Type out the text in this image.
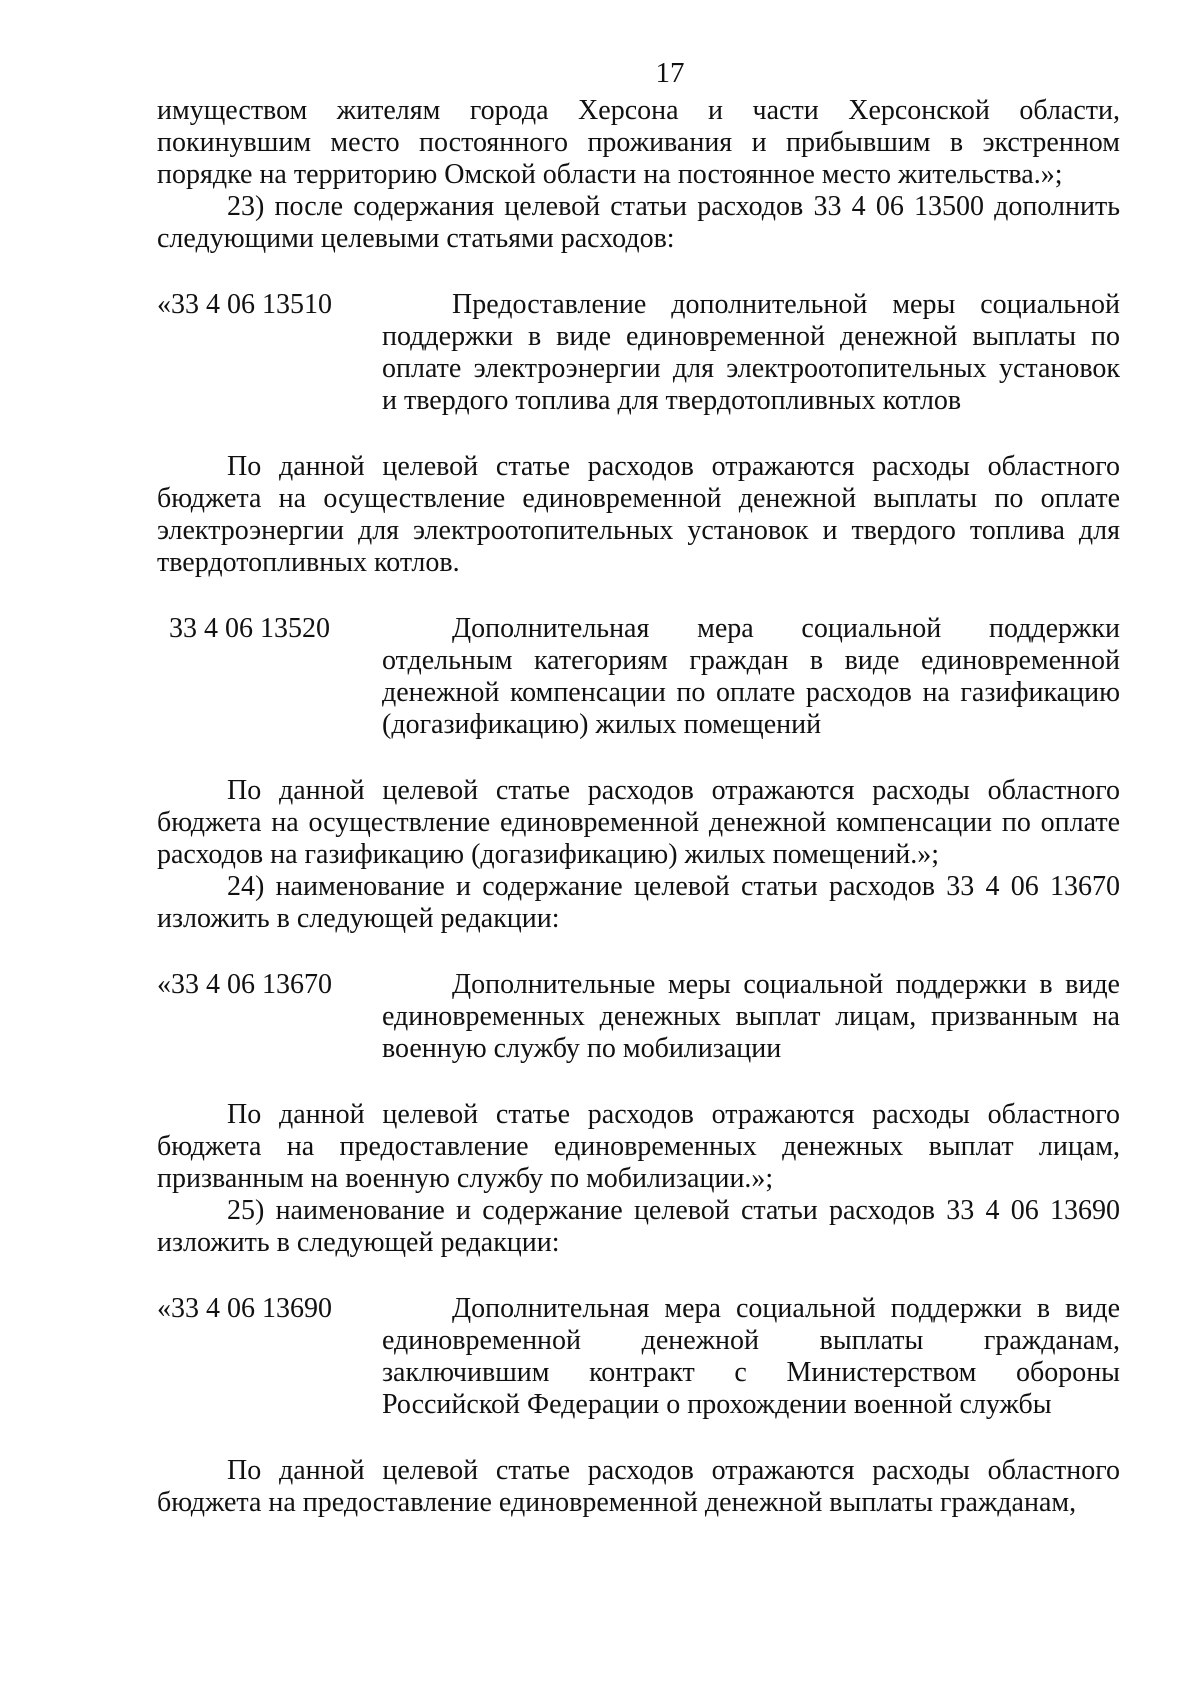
17

имуществом жителям города Херсона и части Херсонской области, покинувшим место постоянного проживания и прибывшим в экстренном порядке на территорию Омской области на постоянное место жительства.»;

23) после содержания целевой статьи расходов 33 4 06 13500 дополнить следующими целевыми статьями расходов:

«33 4 06 13510	Предоставление дополнительной меры социальной поддержки в виде единовременной денежной выплаты по оплате электроэнергии для электроотопительных установок и твердого топлива для твердотопливных котлов

По данной целевой статье расходов отражаются расходы областного бюджета на осуществление единовременной денежной выплаты по оплате электроэнергии для электроотопительных установок и твердого топлива для твердотопливных котлов.

33 4 06 13520	Дополнительная мера социальной поддержки отдельным категориям граждан в виде единовременной денежной компенсации по оплате расходов на газификацию (догазификацию) жилых помещений

По данной целевой статье расходов отражаются расходы областного бюджета на осуществление единовременной денежной компенсации по оплате расходов на газификацию (догазификацию) жилых помещений.»;

24) наименование и содержание целевой статьи расходов 33 4 06 13670 изложить в следующей редакции:

«33 4 06 13670	Дополнительные меры социальной поддержки в виде единовременных денежных выплат лицам, призванным на военную службу по мобилизации

По данной целевой статье расходов отражаются расходы областного бюджета на предоставление единовременных денежных выплат лицам, призванным на военную службу по мобилизации.»;

25) наименование и содержание целевой статьи расходов 33 4 06 13690 изложить в следующей редакции:

«33 4 06 13690	Дополнительная мера социальной поддержки в виде единовременной денежной выплаты гражданам, заключившим контракт с Министерством обороны Российской Федерации о прохождении военной службы

По данной целевой статье расходов отражаются расходы областного бюджета на предоставление единовременной денежной выплаты гражданам,
